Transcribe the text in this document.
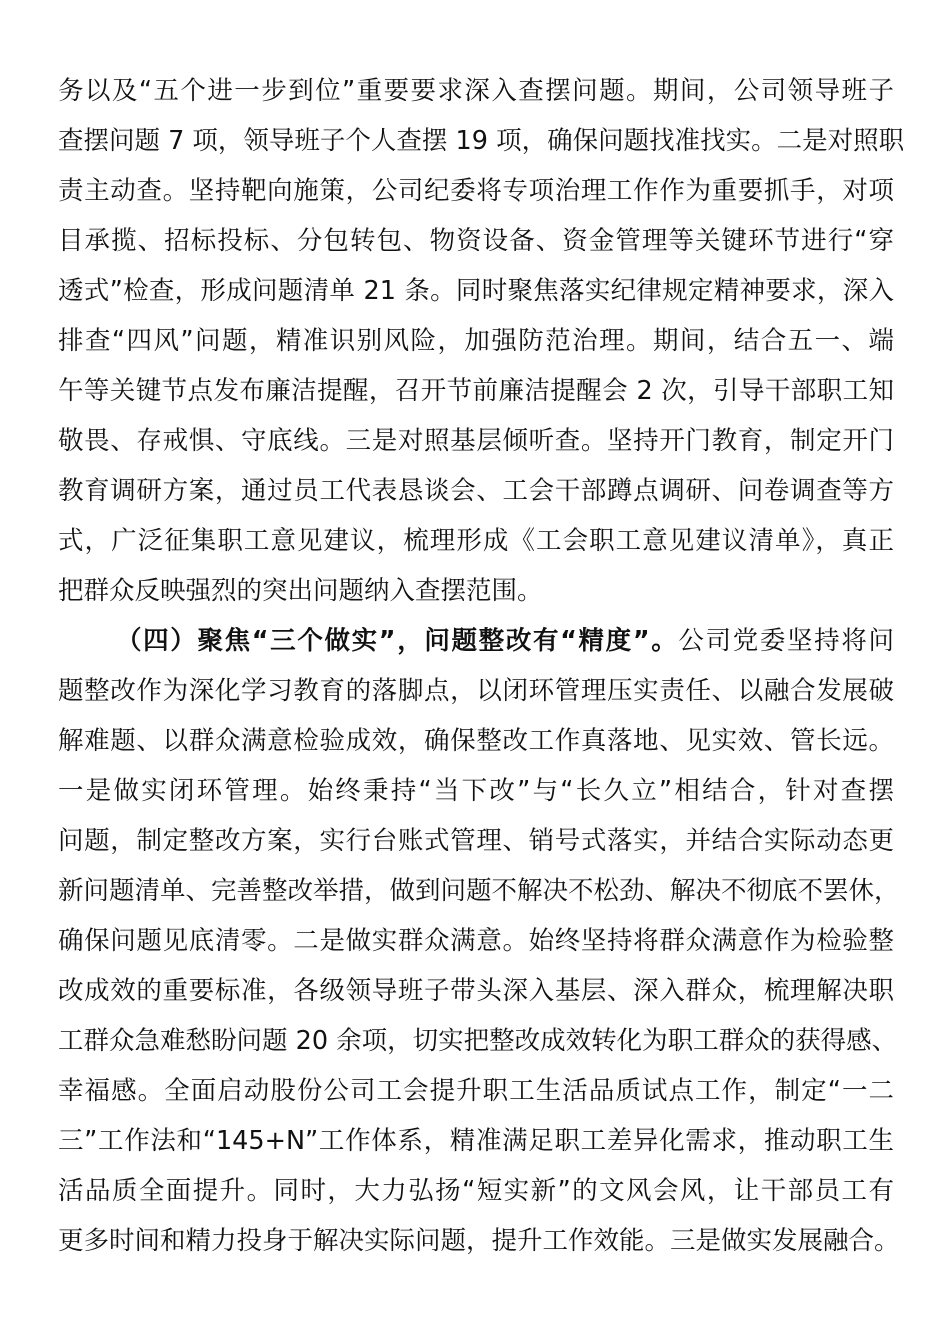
务以及“五个进一步到位”重要要求深入查摆问题。期间，公司领导班子
查摆问题 7 项，领导班子个人查摆 19 项，确保问题找准找实。二是对照职
责主动查。坚持靶向施策，公司纪委将专项治理工作作为重要抓手，对项
目承揽、招标投标、分包转包、物资设备、资金管理等关键环节进行“穿
透式”检查，形成问题清单 21 条。同时聚焦落实纪律规定精神要求，深入
排查“四风”问题，精准识别风险，加强防范治理。期间，结合五一、端
午等关键节点发布廉洁提醒，召开节前廉洁提醒会 2 次，引导干部职工知
敬畏、存戒惧、守底线。三是对照基层倾听查。坚持开门教育，制定开门
教育调研方案，通过员工代表恳谈会、工会干部蹲点调研、问卷调查等方
式，广泛征集职工意见建议，梳理形成《工会职工意见建议清单》，真正
把群众反映强烈的突出问题纳入查摆范围。
（四）聚焦“三个做实”，问题整改有“精度”。公司党委坚持将问
题整改作为深化学习教育的落脚点，以闭环管理压实责任、以融合发展破
解难题、以群众满意检验成效，确保整改工作真落地、见实效、管长远。
一是做实闭环管理。始终秉持“当下改”与“长久立”相结合，针对查摆
问题，制定整改方案，实行台账式管理、销号式落实，并结合实际动态更
新问题清单、完善整改举措，做到问题不解决不松劲、解决不彻底不罢休，
确保问题见底清零。二是做实群众满意。始终坚持将群众满意作为检验整
改成效的重要标准，各级领导班子带头深入基层、深入群众，梳理解决职
工群众急难愁盼问题 20 余项，切实把整改成效转化为职工群众的获得感、
幸福感。全面启动股份公司工会提升职工生活品质试点工作，制定“一二
三”工作法和“145+N”工作体系，精准满足职工差异化需求，推动职工生
活品质全面提升。同时，大力弘扬“短实新”的文风会风，让干部员工有
更多时间和精力投身于解决实际问题，提升工作效能。三是做实发展融合。
